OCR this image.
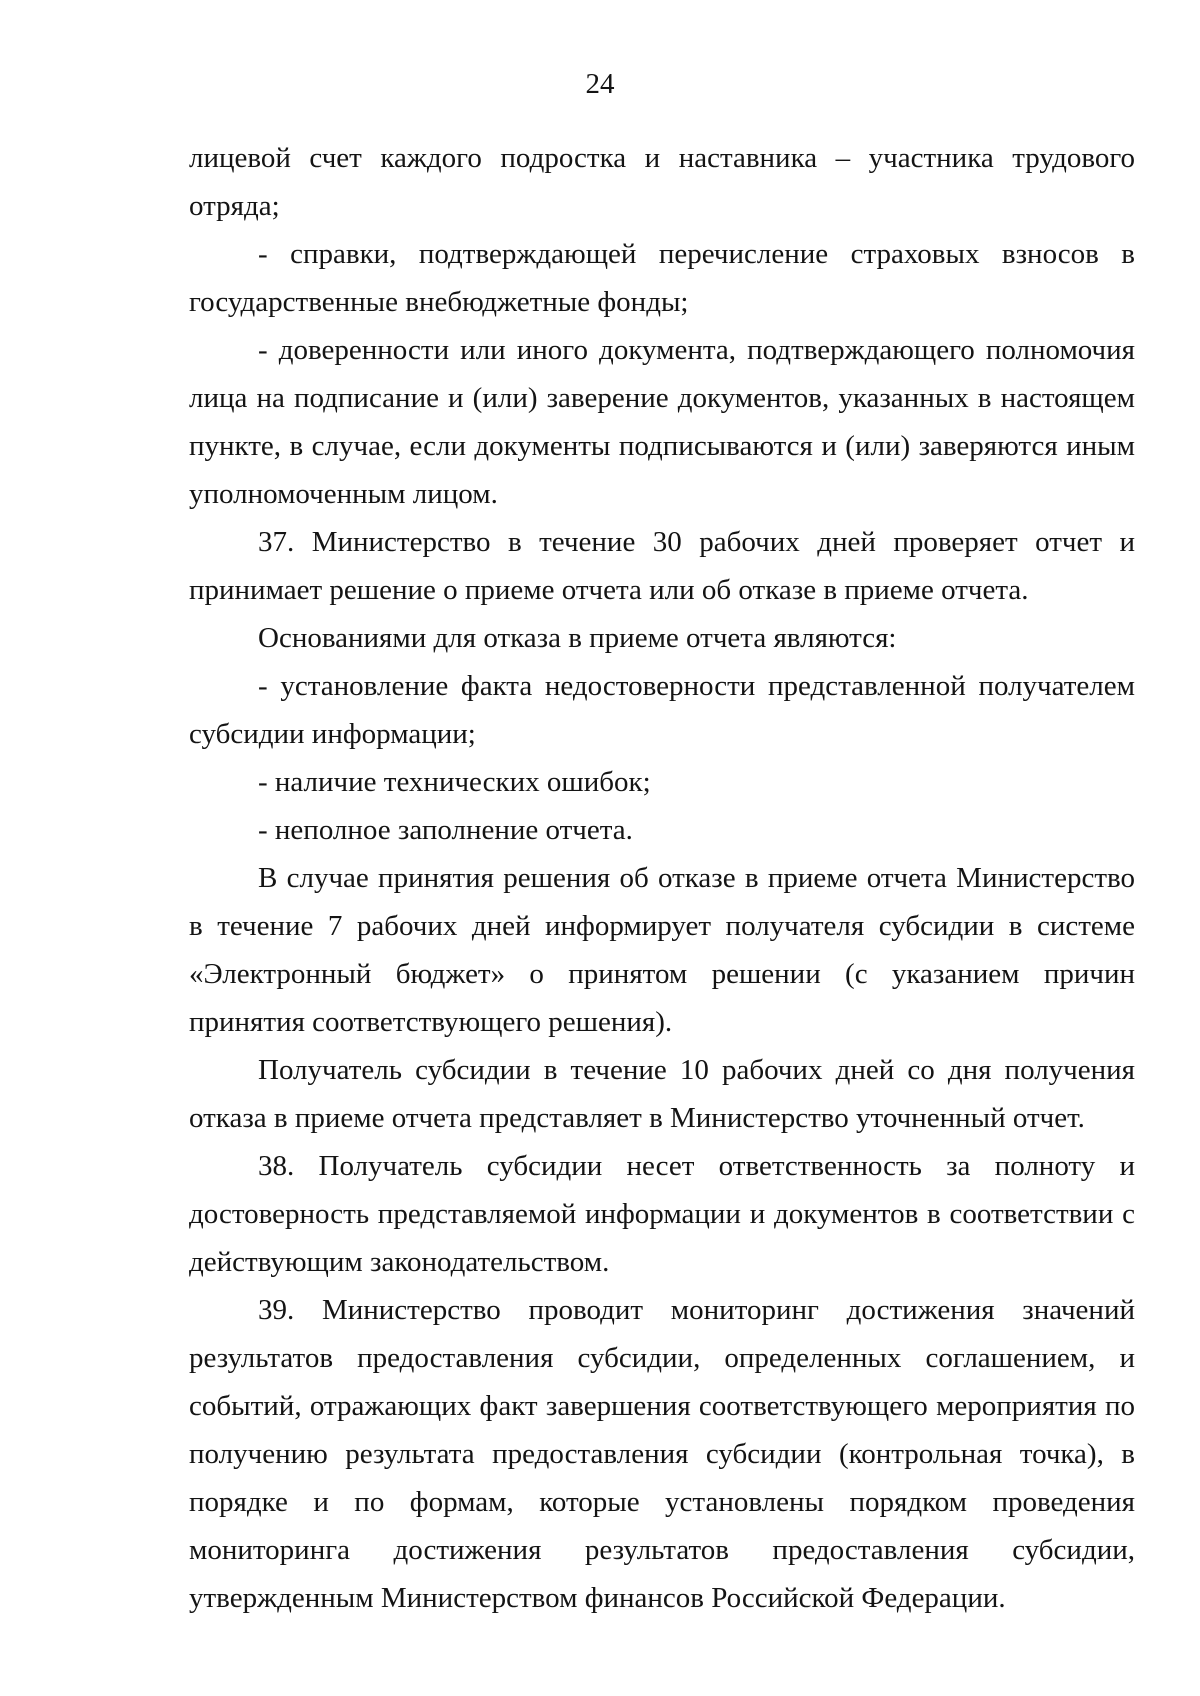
24

лицевой счет каждого подростка и наставника – участника трудового отряда;

- справки, подтверждающей перечисление страховых взносов в государственные внебюджетные фонды;

- доверенности или иного документа, подтверждающего полномочия лица на подписание и (или) заверение документов, указанных в настоящем пункте, в случае, если документы подписываются и (или) заверяются иным уполномоченным лицом.

37. Министерство в течение 30 рабочих дней проверяет отчет и принимает решение о приеме отчета или об отказе в приеме отчета.

Основаниями для отказа в приеме отчета являются:

- установление факта недостоверности представленной получателем субсидии информации;

- наличие технических ошибок;

- неполное заполнение отчета.

В случае принятия решения об отказе в приеме отчета Министерство в течение 7 рабочих дней информирует получателя субсидии в системе «Электронный бюджет» о принятом решении (с указанием причин принятия соответствующего решения).

Получатель субсидии в течение 10 рабочих дней со дня получения отказа в приеме отчета представляет в Министерство уточненный отчет.

38. Получатель субсидии несет ответственность за полноту и достоверность представляемой информации и документов в соответствии с действующим законодательством.

39. Министерство проводит мониторинг достижения значений результатов предоставления субсидии, определенных соглашением, и событий, отражающих факт завершения соответствующего мероприятия по получению результата предоставления субсидии (контрольная точка), в порядке и по формам, которые установлены порядком проведения мониторинга достижения результатов предоставления субсидии, утвержденным Министерством финансов Российской Федерации.
